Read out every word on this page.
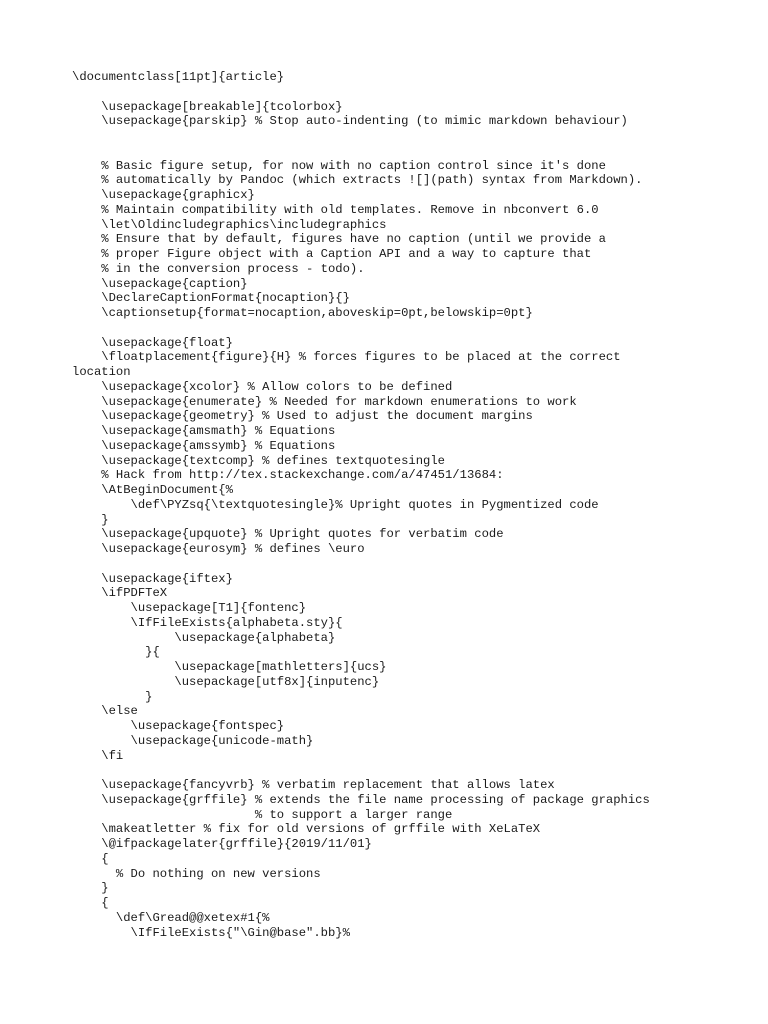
\documentclass[11pt]{article}
\usepackage[breakable]{tcolorbox}
\usepackage{parskip} % Stop auto-indenting (to mimic markdown behaviour)
% Basic figure setup, for now with no caption control since it's done
% automatically by Pandoc (which extracts ![](path) syntax from Markdown).
\usepackage{graphicx}
% Maintain compatibility with old templates. Remove in nbconvert 6.0
\let\Oldincludegraphics\includegraphics
% Ensure that by default, figures have no caption (until we provide a
% proper Figure object with a Caption API and a way to capture that
% in the conversion process - todo).
\usepackage{caption}
\DeclareCaptionFormat{nocaption}{}
\captionsetup{format=nocaption,aboveskip=0pt,belowskip=0pt}
\usepackage{float}
\floatplacement{figure}{H} % forces figures to be placed at the correct
location
\usepackage{xcolor} % Allow colors to be defined
\usepackage{enumerate} % Needed for markdown enumerations to work
\usepackage{geometry} % Used to adjust the document margins
\usepackage{amsmath} % Equations
\usepackage{amssymb} % Equations
\usepackage{textcomp} % defines textquotesingle
% Hack from http://tex.stackexchange.com/a/47451/13684:
\AtBeginDocument{%
\def\PYZsq{\textquotesingle}% Upright quotes in Pygmentized code
}
\usepackage{upquote} % Upright quotes for verbatim code
\usepackage{eurosym} % defines \euro
\usepackage{iftex}
\ifPDFTeX
\usepackage[T1]{fontenc}
\IfFileExists{alphabeta.sty}{
\usepackage{alphabeta}
}{
\usepackage[mathletters]{ucs}
\usepackage[utf8x]{inputenc}
}
\else
\usepackage{fontspec}
\usepackage{unicode-math}
\fi
\usepackage{fancyvrb} % verbatim replacement that allows latex
\usepackage{grffile} % extends the file name processing of package graphics
% to support a larger range
\makeatletter % fix for old versions of grffile with XeLaTeX
\@ifpackagelater{grffile}{2019/11/01}
{
% Do nothing on new versions
}
{
\def\Gread@@xetex#1{%
\IfFileExists{"\Gin@base".bb}%
